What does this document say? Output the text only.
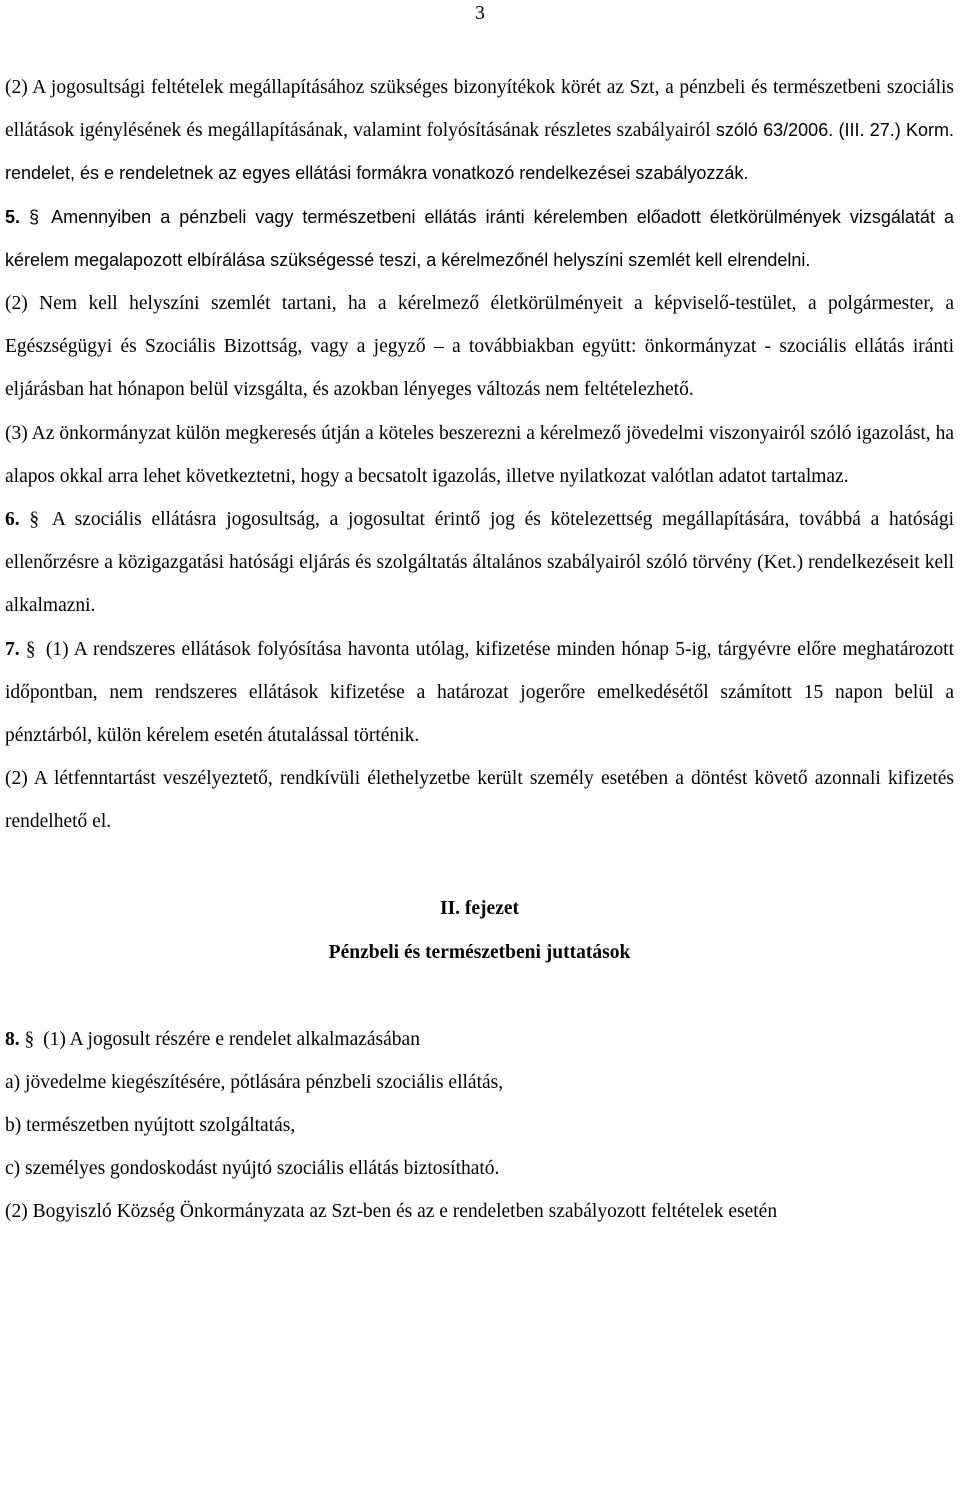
3

(2) A jogosultsági feltételek megállapításához szükséges bizonyítékok körét az Szt, a pénzbeli és természetbeni szociális ellátások igénylésének és megállapításának, valamint folyósításának részletes szabályairól szóló 63/2006. (III. 27.) Korm. rendelet, és e rendeletnek az egyes ellátási formákra vonatkozó rendelkezései szabályozzák.

5. § Amennyiben a pénzbeli vagy természetbeni ellátás iránti kérelemben előadott életkörülmények vizsgálatát a kérelem megalapozott elbírálása szükségessé teszi, a kérelmezőnél helyszíni szemlét kell elrendelni.

(2) Nem kell helyszíni szemlét tartani, ha a kérelmező életkörülményeit a képviselő-testület, a polgármester, a Egészségügyi és Szociális Bizottság, vagy a jegyző – a továbbiakban együtt: önkormányzat - szociális ellátás iránti eljárásban hat hónapon belül vizsgálta, és azokban lényeges változás nem feltételezhető.

(3) Az önkormányzat külön megkeresés útján a köteles beszerezni a kérelmező jövedelmi viszonyairól szóló igazolást, ha alapos okkal arra lehet következtetni, hogy a becsatolt igazolás, illetve nyilatkozat valótlan adatot tartalmaz.

6. § A szociális ellátásra jogosultság, a jogosultat érintő jog és kötelezettség megállapítására, továbbá a hatósági ellenőrzésre a közigazgatási hatósági eljárás és szolgáltatás általános szabályairól szóló törvény (Ket.) rendelkezéseit kell alkalmazni.

7. § (1) A rendszeres ellátások folyósítása havonta utólag, kifizetése minden hónap 5-ig, tárgyévre előre meghatározott időpontban, nem rendszeres ellátások kifizetése a határozat jogerőre emelkedésétől számított 15 napon belül a pénztárból, külön kérelem esetén átutalással történik.

(2) A létfenntartást veszélyeztető, rendkívüli élethelyzetbe került személy esetében a döntést követő azonnali kifizetés rendelhető el.

II. fejezet
Pénzbeli és természetbeni juttatások

8. § (1) A jogosult részére e rendelet alkalmazásában

a) jövedelme kiegészítésére, pótlására pénzbeli szociális ellátás,

b) természetben nyújtott szolgáltatás,

c) személyes gondoskodást nyújtó szociális ellátás biztosítható.

(2) Bogyiszló Község Önkormányzata az Szt-ben és az e rendeletben szabályozott feltételek esetén
